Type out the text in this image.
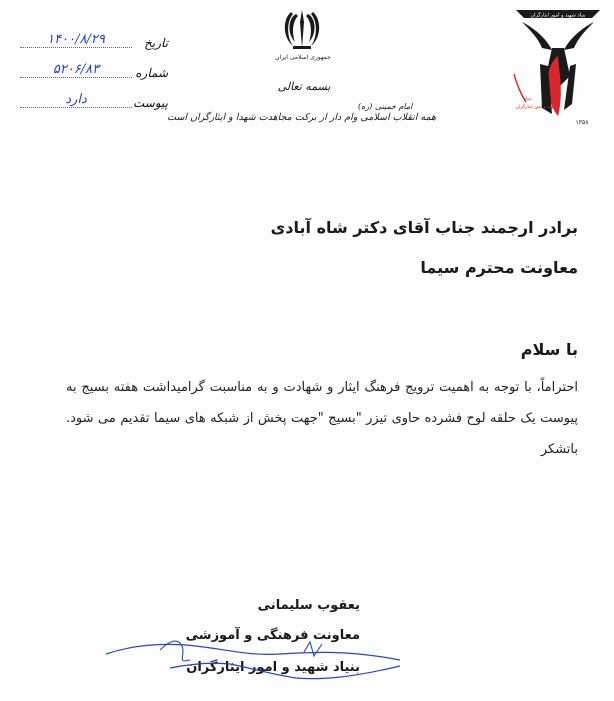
تاریخ
۱۴۰۰/۸/۲۹
شماره
۵۲۰۶/۸۳
پیوست
دارد
جمهوری اسلامی ایران
بسمه تعالی
امام خمینی (ره)
همه انقلاب اسلامی وام دار از برکت مجاهدت شهدا و ایثارگران است
بنیاد شهید و امور ایثارگران
بنیاد
شهید و امور ایثارگران
۱۳۵۸
برادر ارجمند جناب آقای دکتر شاه آبادی
معاونت محترم سیما
با سلام
احتراماً، با توجه به اهمیت ترویج فرهنگ ایثار و شهادت و به مناسبت گرامیداشت هفته بسیج به پیوست یک حلقه لوح فشرده حاوی تیزر "بسیج "جهت پخش از شبکه های سیما تقدیم می شود. باتشکر
یعقوب سلیمانی
معاونت فرهنگی و آموزشی
بنیاد شهید و امور ایثارگران
